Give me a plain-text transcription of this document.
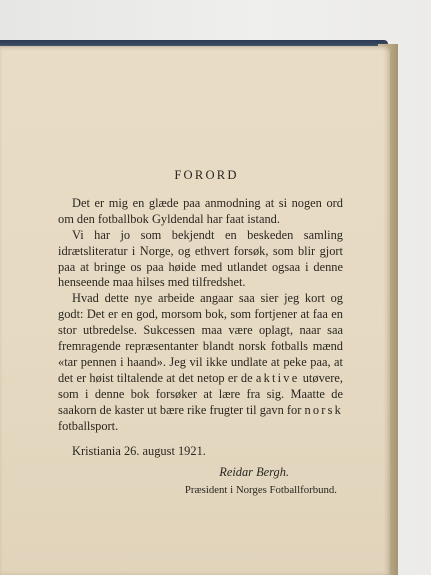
FORORD

Det er mig en glæde paa anmodning at si nogen ord om den fotballbok Gyldendal har faat istand.

Vi har jo som bekjendt en beskeden samling idrætsliteratur i Norge, og ethvert forsøk, som blir gjort paa at bringe os paa høide med utlandet ogsaa i denne henseende maa hilses med tilfredshet.

Hvad dette nye arbeide angaar saa sier jeg kort og godt: Det er en god, morsom bok, som fortjener at faa en stor utbredelse. Sukcessen maa være oplagt, naar saa fremragende repræsentanter blandt norsk fotballs mænd «tar pennen i haand». Jeg vil ikke undlate at peke paa, at det er høist tiltalende at det netop er de aktive utøvere, som i denne bok forsøker at lære fra sig. Maatte de saakorn de kaster ut bære rike frugter til gavn for norsk fotballsport.

Kristiania 26. august 1921.
Reidar Bergh.
Præsident i Norges Fotballforbund.
